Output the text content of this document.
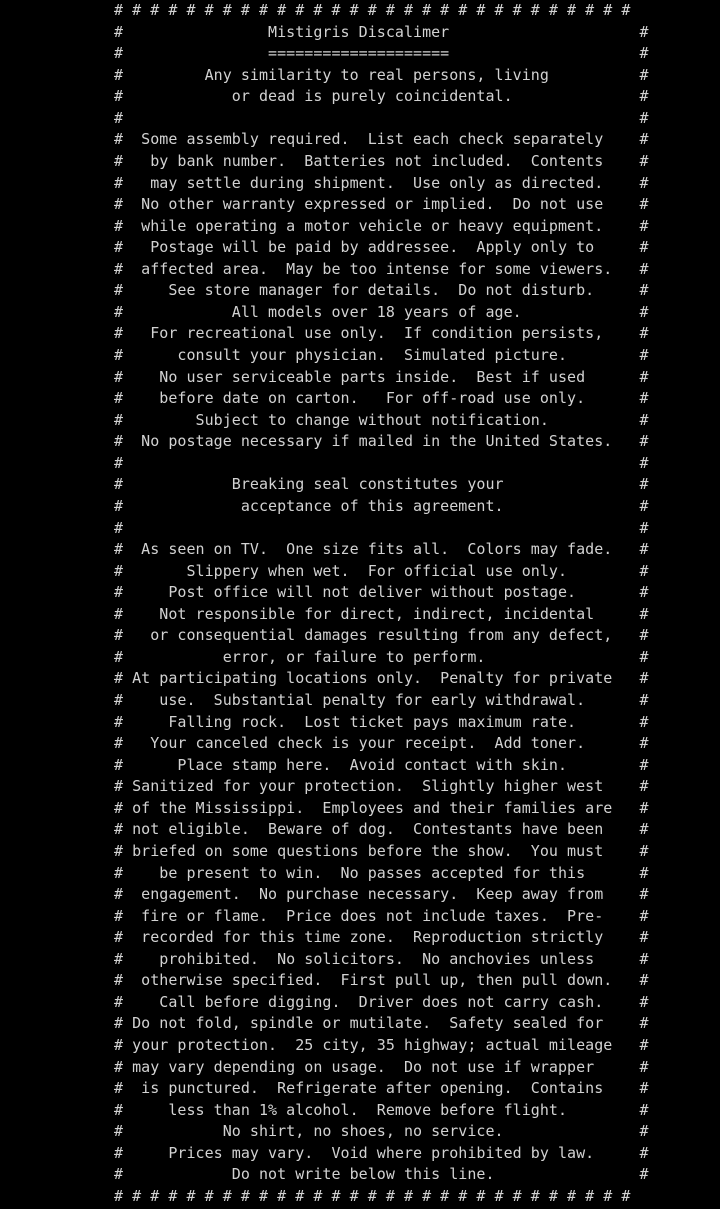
# # # # # # # # # # # # # # # # # # # # # # # # # # # # #
#                Mistigris Discalimer                     #
#                ====================                     #
#         Any similarity to real persons, living          #
#            or dead is purely coincidental.              #
#                                                         #
#  Some assembly required.  List each check separately    #
#   by bank number.  Batteries not included.  Contents    #
#   may settle during shipment.  Use only as directed.    #
#  No other warranty expressed or implied.  Do not use    #
#  while operating a motor vehicle or heavy equipment.    #
#   Postage will be paid by addressee.  Apply only to     #
#  affected area.  May be too intense for some viewers.   #
#     See store manager for details.  Do not disturb.     #
#            All models over 18 years of age.             #
#   For recreational use only.  If condition persists,    #
#      consult your physician.  Simulated picture.        #
#    No user serviceable parts inside.  Best if used      #
#    before date on carton.   For off-road use only.      #
#        Subject to change without notification.          #
#  No postage necessary if mailed in the United States.   #
#                                                         #
#            Breaking seal constitutes your               #
#             acceptance of this agreement.               #
#                                                         #
#  As seen on TV.  One size fits all.  Colors may fade.   #
#       Slippery when wet.  For official use only.        #
#     Post office will not deliver without postage.       #
#    Not responsible for direct, indirect, incidental     #
#   or consequential damages resulting from any defect,   #
#           error, or failure to perform.                 #
# At participating locations only.  Penalty for private   #
#    use.  Substantial penalty for early withdrawal.      #
#     Falling rock.  Lost ticket pays maximum rate.       #
#   Your canceled check is your receipt.  Add toner.      #
#      Place stamp here.  Avoid contact with skin.        #
# Sanitized for your protection.  Slightly higher west    #
# of the Mississippi.  Employees and their families are   #
# not eligible.  Beware of dog.  Contestants have been    #
# briefed on some questions before the show.  You must    #
#    be present to win.  No passes accepted for this      #
#  engagement.  No purchase necessary.  Keep away from    #
#  fire or flame.  Price does not include taxes.  Pre-    #
#  recorded for this time zone.  Reproduction strictly    #
#    prohibited.  No solicitors.  No anchovies unless     #
#  otherwise specified.  First pull up, then pull down.   #
#    Call before digging.  Driver does not carry cash.    #
# Do not fold, spindle or mutilate.  Safety sealed for    #
# your protection.  25 city, 35 highway; actual mileage   #
# may vary depending on usage.  Do not use if wrapper     #
#  is punctured.  Refrigerate after opening.  Contains    #
#     less than 1% alcohol.  Remove before flight.        #
#           No shirt, no shoes, no service.               #
#     Prices may vary.  Void where prohibited by law.     #
#            Do not write below this line.                #
# # # # # # # # # # # # # # # # # # # # # # # # # # # # #
